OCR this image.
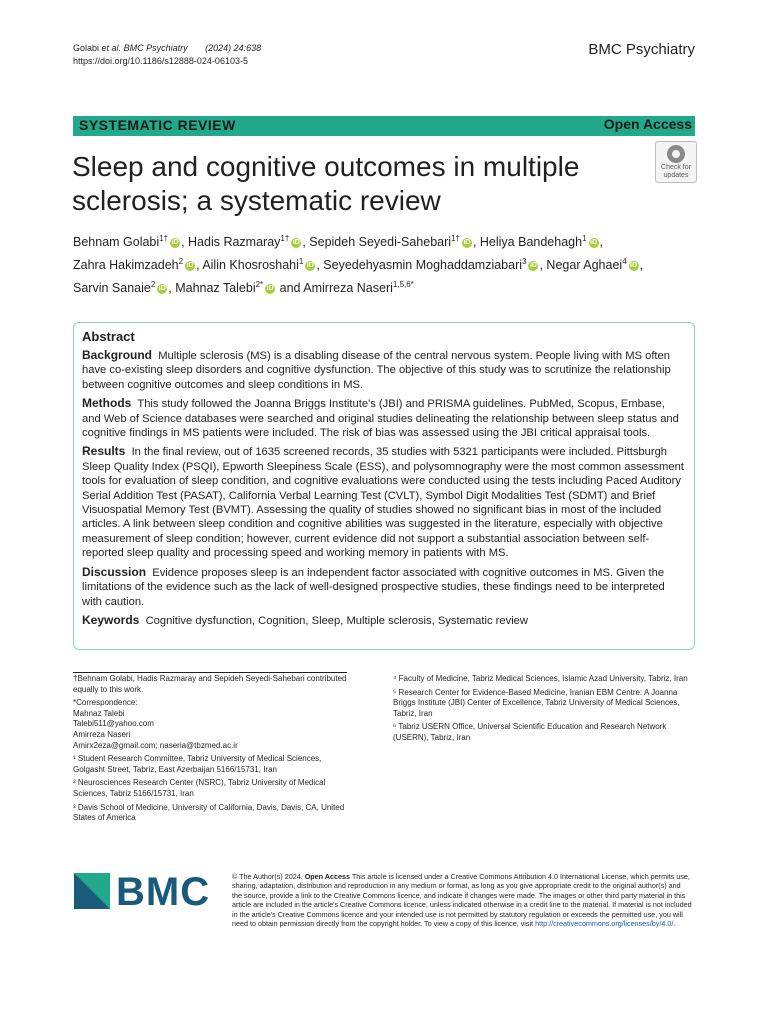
Golabi et al. BMC Psychiatry (2024) 24:638
https://doi.org/10.1186/s12888-024-06103-5
BMC Psychiatry
SYSTEMATIC REVIEW	Open Access
Sleep and cognitive outcomes in multiple sclerosis; a systematic review
Check for
updates

Behnam Golabi$^{1\dagger}$ iD , Hadis Razmaray$^{1\dagger}$ iD , Sepideh Seyedi-Sahebari$^{1\dagger}$ iD , Heliya Bandehagh$^1$ iD ,

Zahra Hakimzadeh$^2$ iD , Ailin Khosroshahi$^1$ iD , Seyedehyasmin Moghaddamziabari$^3$ iD , Negar Aghaei$^4$ iD ,

Sarvin Sanaie$^2$ iD , Mahnaz Talebi$^{2*}$ iD and Amirreza Naseri$^{1,5,6*}$

Abstract
Background Multiple sclerosis (MS) is a disabling disease of the central nervous system. People living with MS often have co-existing sleep disorders and cognitive dysfunction. The objective of this study was to scrutinize the relationship between cognitive outcomes and sleep conditions in MS.
Methods This study followed the Joanna Briggs Institute's (JBI) and PRISMA guidelines. PubMed, Scopus, Embase, and Web of Science databases were searched and original studies delineating the relationship between sleep status and cognitive findings in MS patients were included. The risk of bias was assessed using the JBI critical appraisal tools.
Results In the final review, out of 1635 screened records, 35 studies with 5321 participants were included. Pittsburgh Sleep Quality Index (PSQI), Epworth Sleepiness Scale (ESS), and polysomnography were the most common assessment tools for evaluation of sleep condition, and cognitive evaluations were conducted using the tests including Paced Auditory Serial Addition Test (PASAT), California Verbal Learning Test (CVLT), Symbol Digit Modalities Test (SDMT) and Brief Visuospatial Memory Test (BVMT). Assessing the quality of studies showed no significant bias in most of the included articles. A link between sleep condition and cognitive abilities was suggested in the literature, especially with objective measurement of sleep condition; however, current evidence did not support a substantial association between self-reported sleep quality and processing speed and working memory in patients with MS.
Discussion Evidence proposes sleep is an independent factor associated with cognitive outcomes in MS. Given the limitations of the evidence such as the lack of well-designed prospective studies, these findings need to be interpreted with caution.
Keywords Cognitive dysfunction, Cognition, Sleep, Multiple sclerosis, Systematic review

†Behnam Golabi, Hadis Razmaray and Sepideh Seyedi-Sahebari contributed equally to this work.

*Correspondence:
Mahnaz Talebi
Talebi511@yahoo.com
Amirreza Naseri
Amirx2eza@gmail.com; naseria@tbzmed.ac.ir

¹ Student Research Committee, Tabriz University of Medical Sciences, Golgasht Street, Tabriz, East Azerbaijan 5166/15731, Iran

² Neurosciences Research Center (NSRC), Tabriz University of Medical Sciences, Tabriz 5166/15731, Iran

³ Davis School of Medicine, University of California, Davis, Davis, CA, United States of America

⁴ Faculty of Medicine, Tabriz Medical Sciences, Islamic Azad University, Tabriz, Iran

⁵ Research Center for Evidence-Based Medicine, Iranian EBM Centre: A Joanna Briggs Institute (JBI) Center of Excellence, Tabriz University of Medical Sciences, Tabriz, Iran

⁶ Tabriz USERN Office, Universal Scientific Education and Research Network (USERN), Tabriz, Iran

BMC	© The Author(s) 2024. Open Access This article is licensed under a Creative Commons Attribution 4.0 International License, which permits use, sharing, adaptation, distribution and reproduction in any medium or format, as long as you give appropriate credit to the original author(s) and the source, provide a link to the Creative Commons licence, and indicate if changes were made. The images or other third party material in this article are included in the article's Creative Commons licence, unless indicated otherwise in a credit line to the material. If material is not included in the article's Creative Commons licence and your intended use is not permitted by statutory regulation or exceeds the permitted use, you will need to obtain permission directly from the copyright holder. To view a copy of this licence, visit http://creativecommons.org/licenses/by/4.0/.
